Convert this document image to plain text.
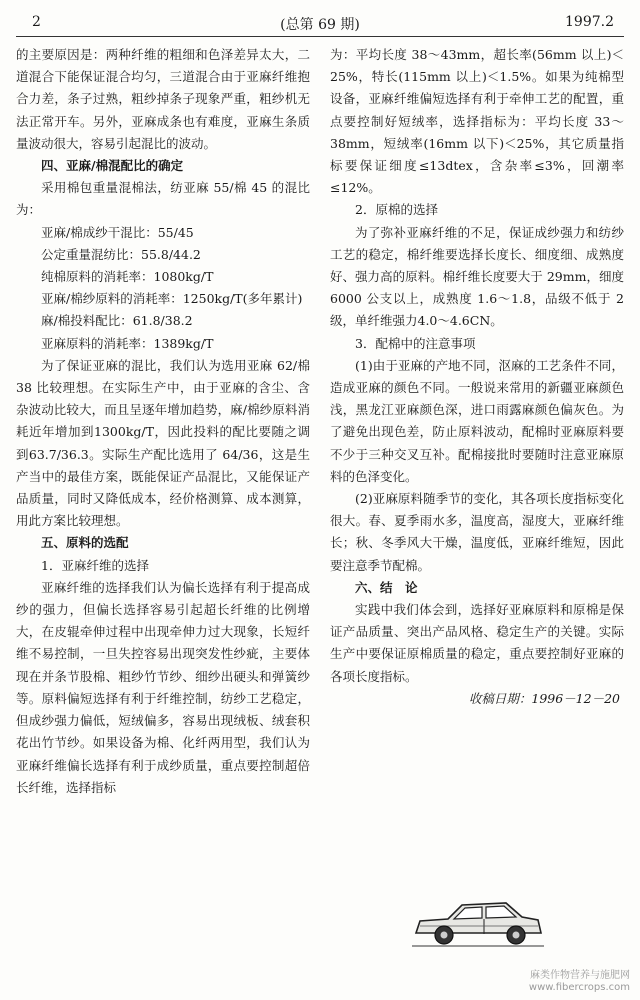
2	(总第 69 期)	1997.2

的主要原因是：两种纤维的粗细和色泽差异太大，二道混合下能保证混合均匀，三道混合由于亚麻纤维抱合力差，条子过熟，粗纱掉条子现象严重，粗纱机无法正常开车。另外，亚麻成条也有难度，亚麻生条质量波动很大，容易引起混比的波动。

四、亚麻/棉混配比的确定

采用棉包重量混棉法，纺亚麻 55/棉 45 的混比为：

亚麻/棉成纱干混比：55/45

公定重量混纺比：55.8/44.2

纯棉原料的消耗率：1080kg/T

亚麻/棉纱原料的消耗率：1250kg/T(多年累计)

麻/棉投料配比：61.8/38.2

亚麻原料的消耗率：1389kg/T

为了保证亚麻的混比，我们认为选用亚麻 62/棉 38 比较理想。在实际生产中，由于亚麻的含尘、含杂波动比较大，而且呈逐年增加趋势，麻/棉纱原料消耗近年增加到1300kg/T，因此投料的配比要随之调到63.7/36.3。实际生产配比选用了 64/36，这是生产当中的最佳方案，既能保证产品混比，又能保证产品质量，同时又降低成本，经价格测算、成本测算，用此方案比较理想。

五、原料的选配

1．亚麻纤维的选择

亚麻纤维的选择我们认为偏长选择有利于提高成纱的强力，但偏长选择容易引起超长纤维的比例增大，在皮辊牵伸过程中出现牵伸力过大现象，长短纤维不易控制，一旦失控容易出现突发性纱疵，主要体现在并条节股棉、粗纱竹节纱、细纱出硬头和弹簧纱等。原料偏短选择有利于纤维控制，纺纱工艺稳定，但成纱强力偏低，短绒偏多，容易出现绒板、绒套积花出竹节纱。如果设备为棉、化纤两用型，我们认为亚麻纤维偏长选择有利于成纱质量，重点要控制超倍长纤维，选择指标

为：平均长度 38～43mm，超长率(56mm 以上)＜25%，特长(115mm 以上)＜1.5%。如果为纯棉型设备，亚麻纤维偏短选择有利于牵伸工艺的配置，重点要控制好短绒率，选择指标为：平均长度 33～38mm，短绒率(16mm 以下)＜25%，其它质量指标要保证细度≤13dtex，含杂率≤3%，回潮率≤12%。

2．原棉的选择

为了弥补亚麻纤维的不足，保证成纱强力和纺纱工艺的稳定，棉纤维要选择长度长、细度细、成熟度好、强力高的原料。棉纤维长度要大于 29mm，细度 6000 公支以上，成熟度 1.6～1.8，品级不低于 2 级，单纤维强力4.0～4.6CN。

3．配棉中的注意事项

(1)由于亚麻的产地不同，沤麻的工艺条件不同，造成亚麻的颜色不同。一般说来常用的新疆亚麻颜色浅，黑龙江亚麻颜色深，进口雨露麻颜色偏灰色。为了避免出现色差，防止原料波动，配棉时亚麻原料要不少于三种交叉互补。配棉接批时要随时注意亚麻原料的色泽变化。

(2)亚麻原料随季节的变化，其各项长度指标变化很大。春、夏季雨水多，温度高，湿度大，亚麻纤维长；秋、冬季风大干燥，温度低，亚麻纤维短，因此要注意季节配棉。

六、结　论

实践中我们体会到，选择好亚麻原料和原棉是保证产品质量、突出产品风格、稳定生产的关键。实际生产中要保证原棉质量的稳定，重点要控制好亚麻的各项长度指标。

收稿日期：1996－12－20

麻类作物营养与施肥网
www.fibercrops.com
